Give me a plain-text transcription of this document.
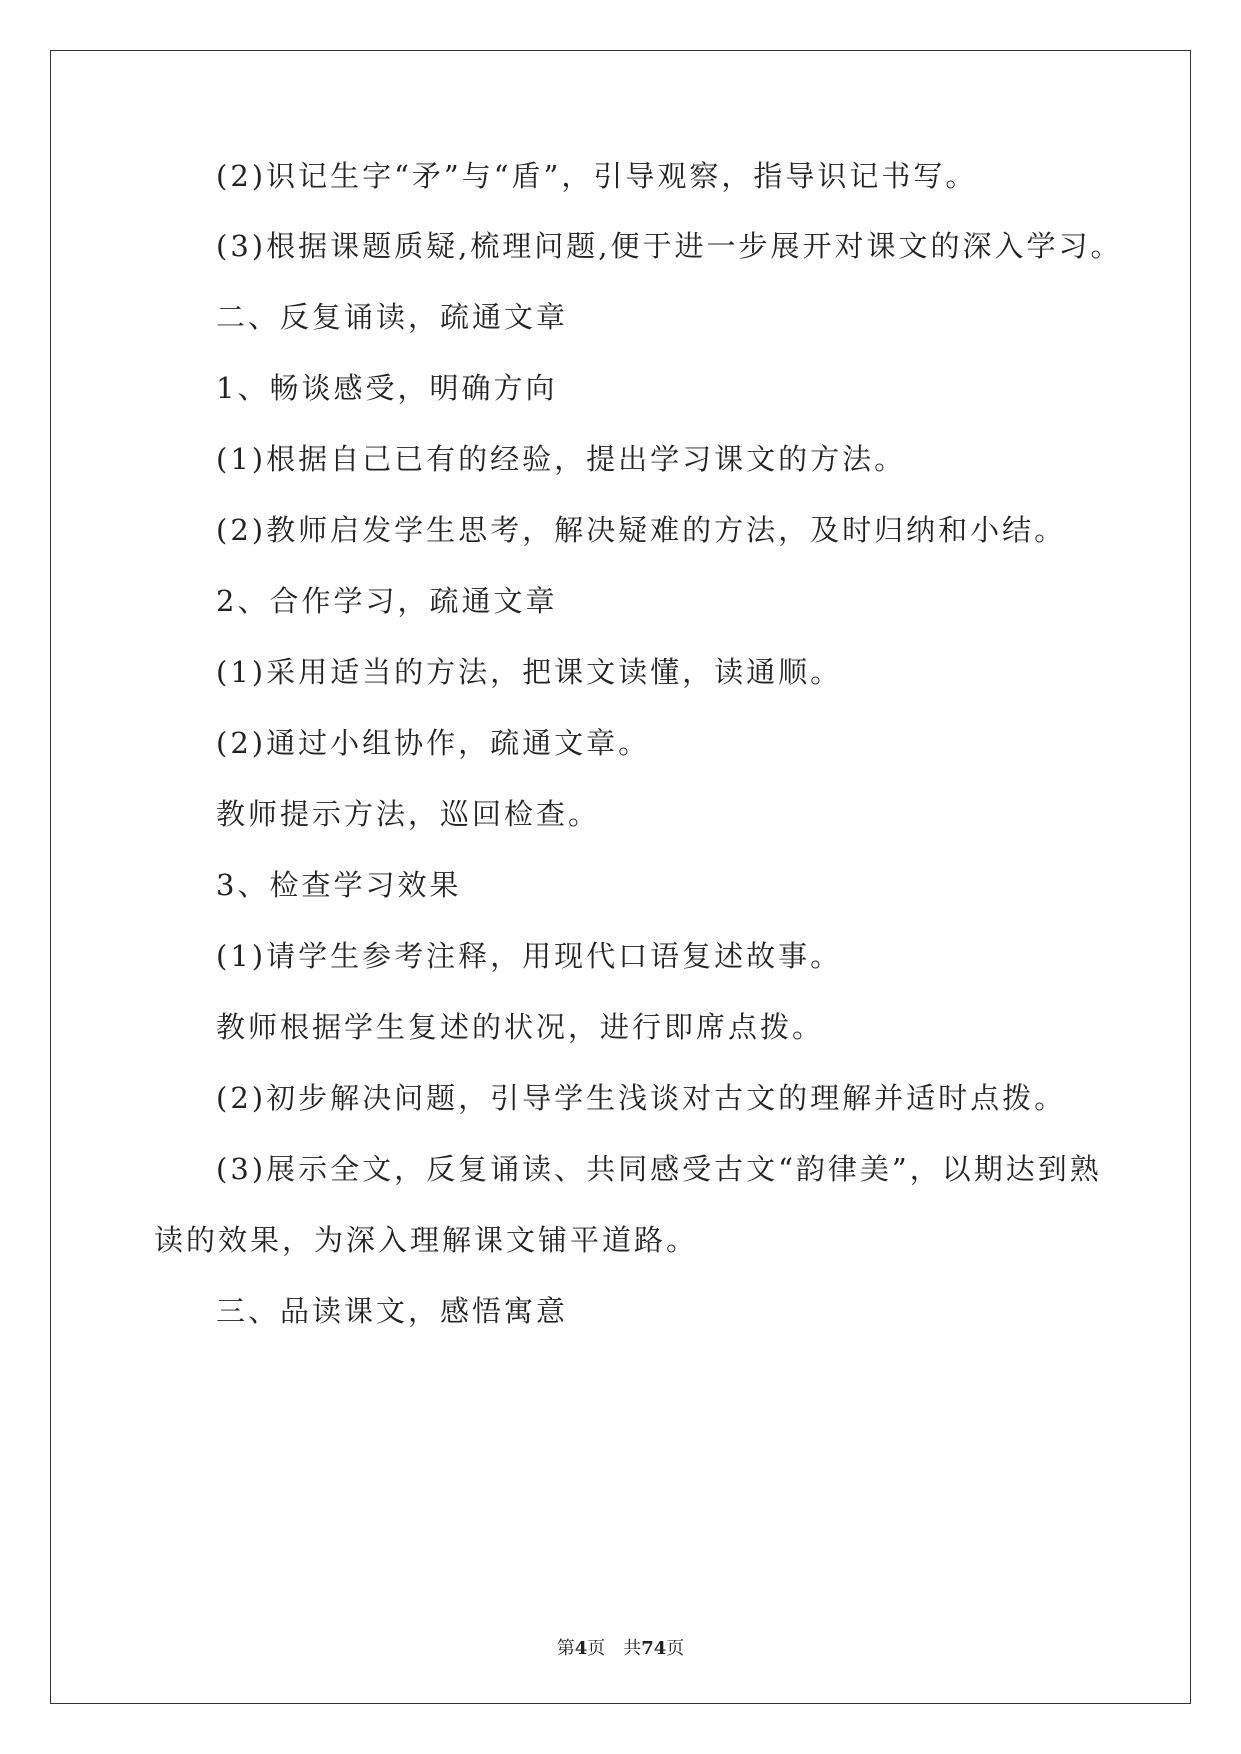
(2)识记生字“矛”与“盾”，引导观察，指导识记书写。
(3)根据课题质疑,梳理问题,便于进一步展开对课文的深入学习。
二、反复诵读，疏通文章
1、畅谈感受，明确方向
(1)根据自己已有的经验，提出学习课文的方法。
(2)教师启发学生思考，解决疑难的方法，及时归纳和小结。
2、合作学习，疏通文章
(1)采用适当的方法，把课文读懂，读通顺。
(2)通过小组协作，疏通文章。
教师提示方法，巡回检查。
3、检查学习效果
(1)请学生参考注释，用现代口语复述故事。
教师根据学生复述的状况，进行即席点拨。
(2)初步解决问题，引导学生浅谈对古文的理解并适时点拨。
(3)展示全文，反复诵读、共同感受古文“韵律美”，以期达到熟
读的效果，为深入理解课文铺平道路。
三、品读课文，感悟寓意
第4页　共74页
